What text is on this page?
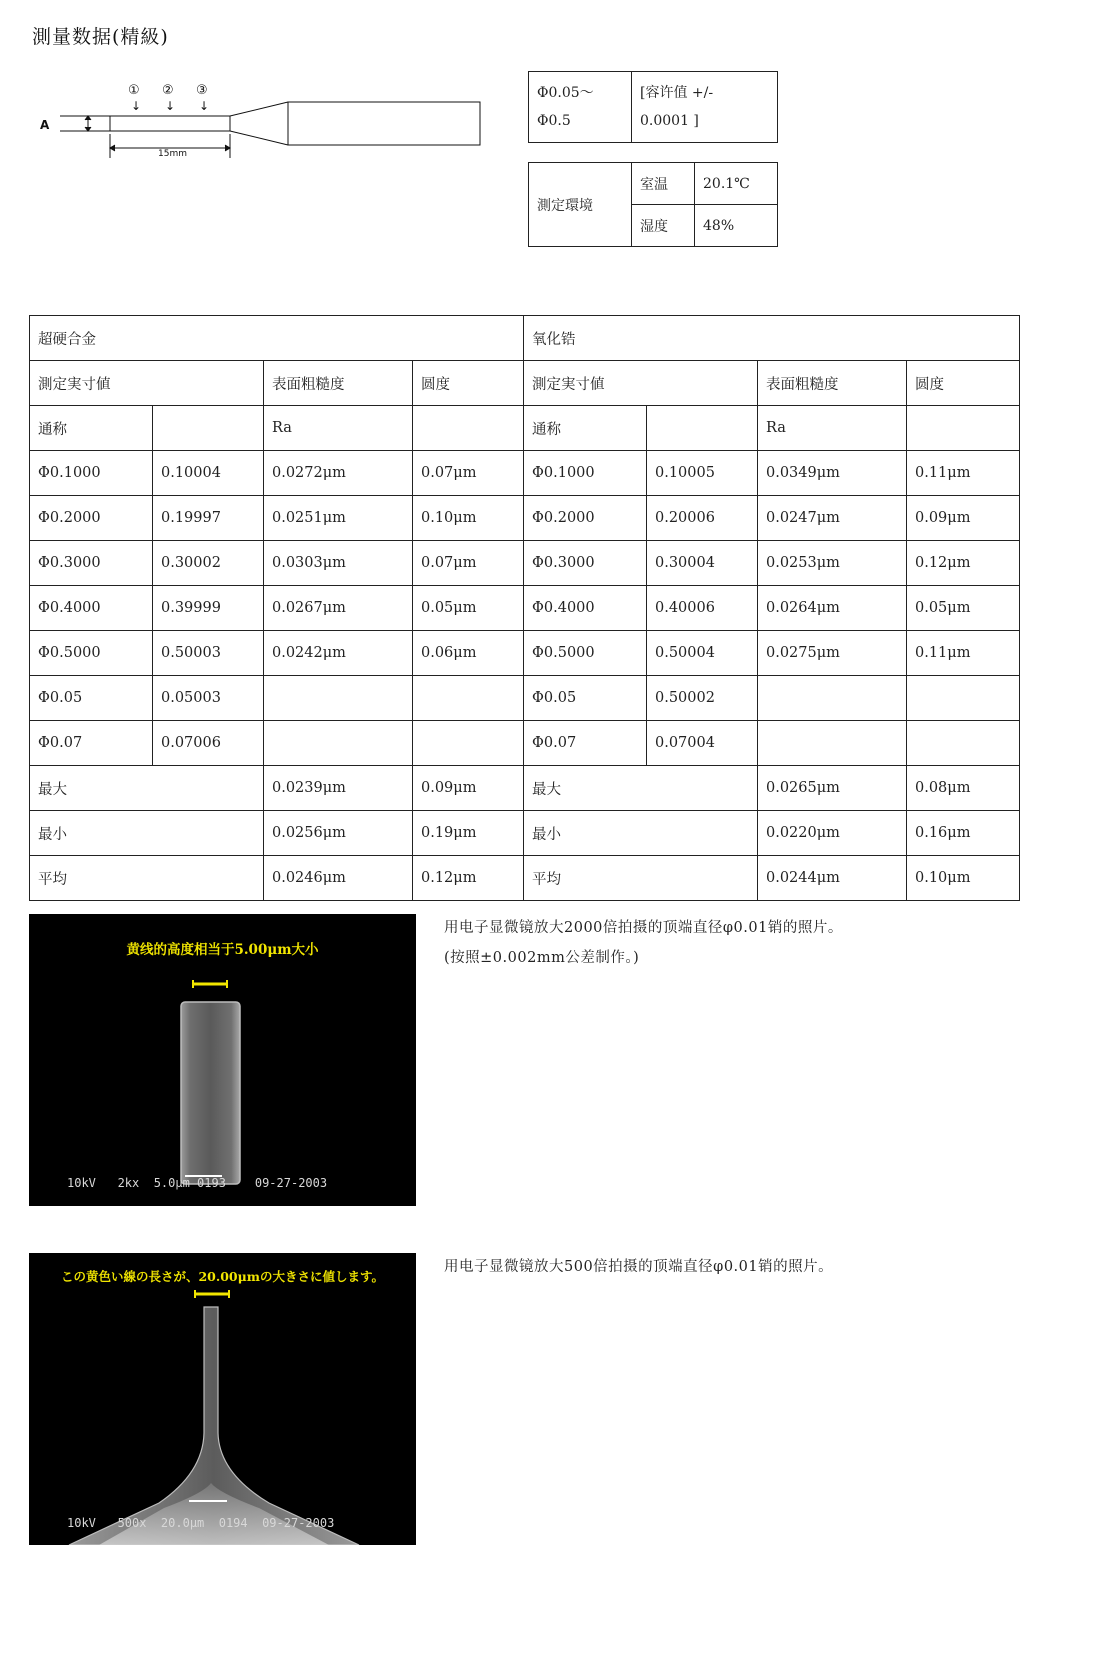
測量数据(精級)
A
① ② ③
↓ ↓ ↓
15mm
Φ0.05～
Φ0.5

[容许值 +/-
0.0001 ]
測定環境	室温	20.1℃
	湿度	48%
超硬合金				氧化锆			
測定実寸値		表面粗糙度	圆度	測定実寸値		表面粗糙度	圆度
通称		Ra		通称		Ra	
Φ0.1000	0.10004	0.0272μm	0.07μm	Φ0.1000	0.10005	0.0349μm	0.11μm
Φ0.2000	0.19997	0.0251μm	0.10μm	Φ0.2000	0.20006	0.0247μm	0.09μm
Φ0.3000	0.30002	0.0303μm	0.07μm	Φ0.3000	0.30004	0.0253μm	0.12μm
Φ0.4000	0.39999	0.0267μm	0.05μm	Φ0.4000	0.40006	0.0264μm	0.05μm
Φ0.5000	0.50003	0.0242μm	0.06μm	Φ0.5000	0.50004	0.0275μm	0.11μm
Φ0.05	0.05003			Φ0.05	0.50002		
Φ0.07	0.07006			Φ0.07	0.07004		
最大		0.0239μm	0.09μm	最大		0.0265μm	0.08μm
最小		0.0256μm	0.19μm	最小		0.0220μm	0.16μm
平均		0.0246μm	0.12μm	平均		0.0244μm	0.10μm
黄线的高度相当于5.00μm大小
10kV   2kx  5.0μm 0193    09-27-2003
用电子显微镜放大2000倍拍摄的顶端直径φ0.01销的照片。
(按照±0.002mm公差制作。)
この黄色い線の長さが、20.00μmの大きさに値します。
10kV   500x  20.0μm  0194  09-27-2003
用电子显微镜放大500倍拍摄的顶端直径φ0.01销的照片。
